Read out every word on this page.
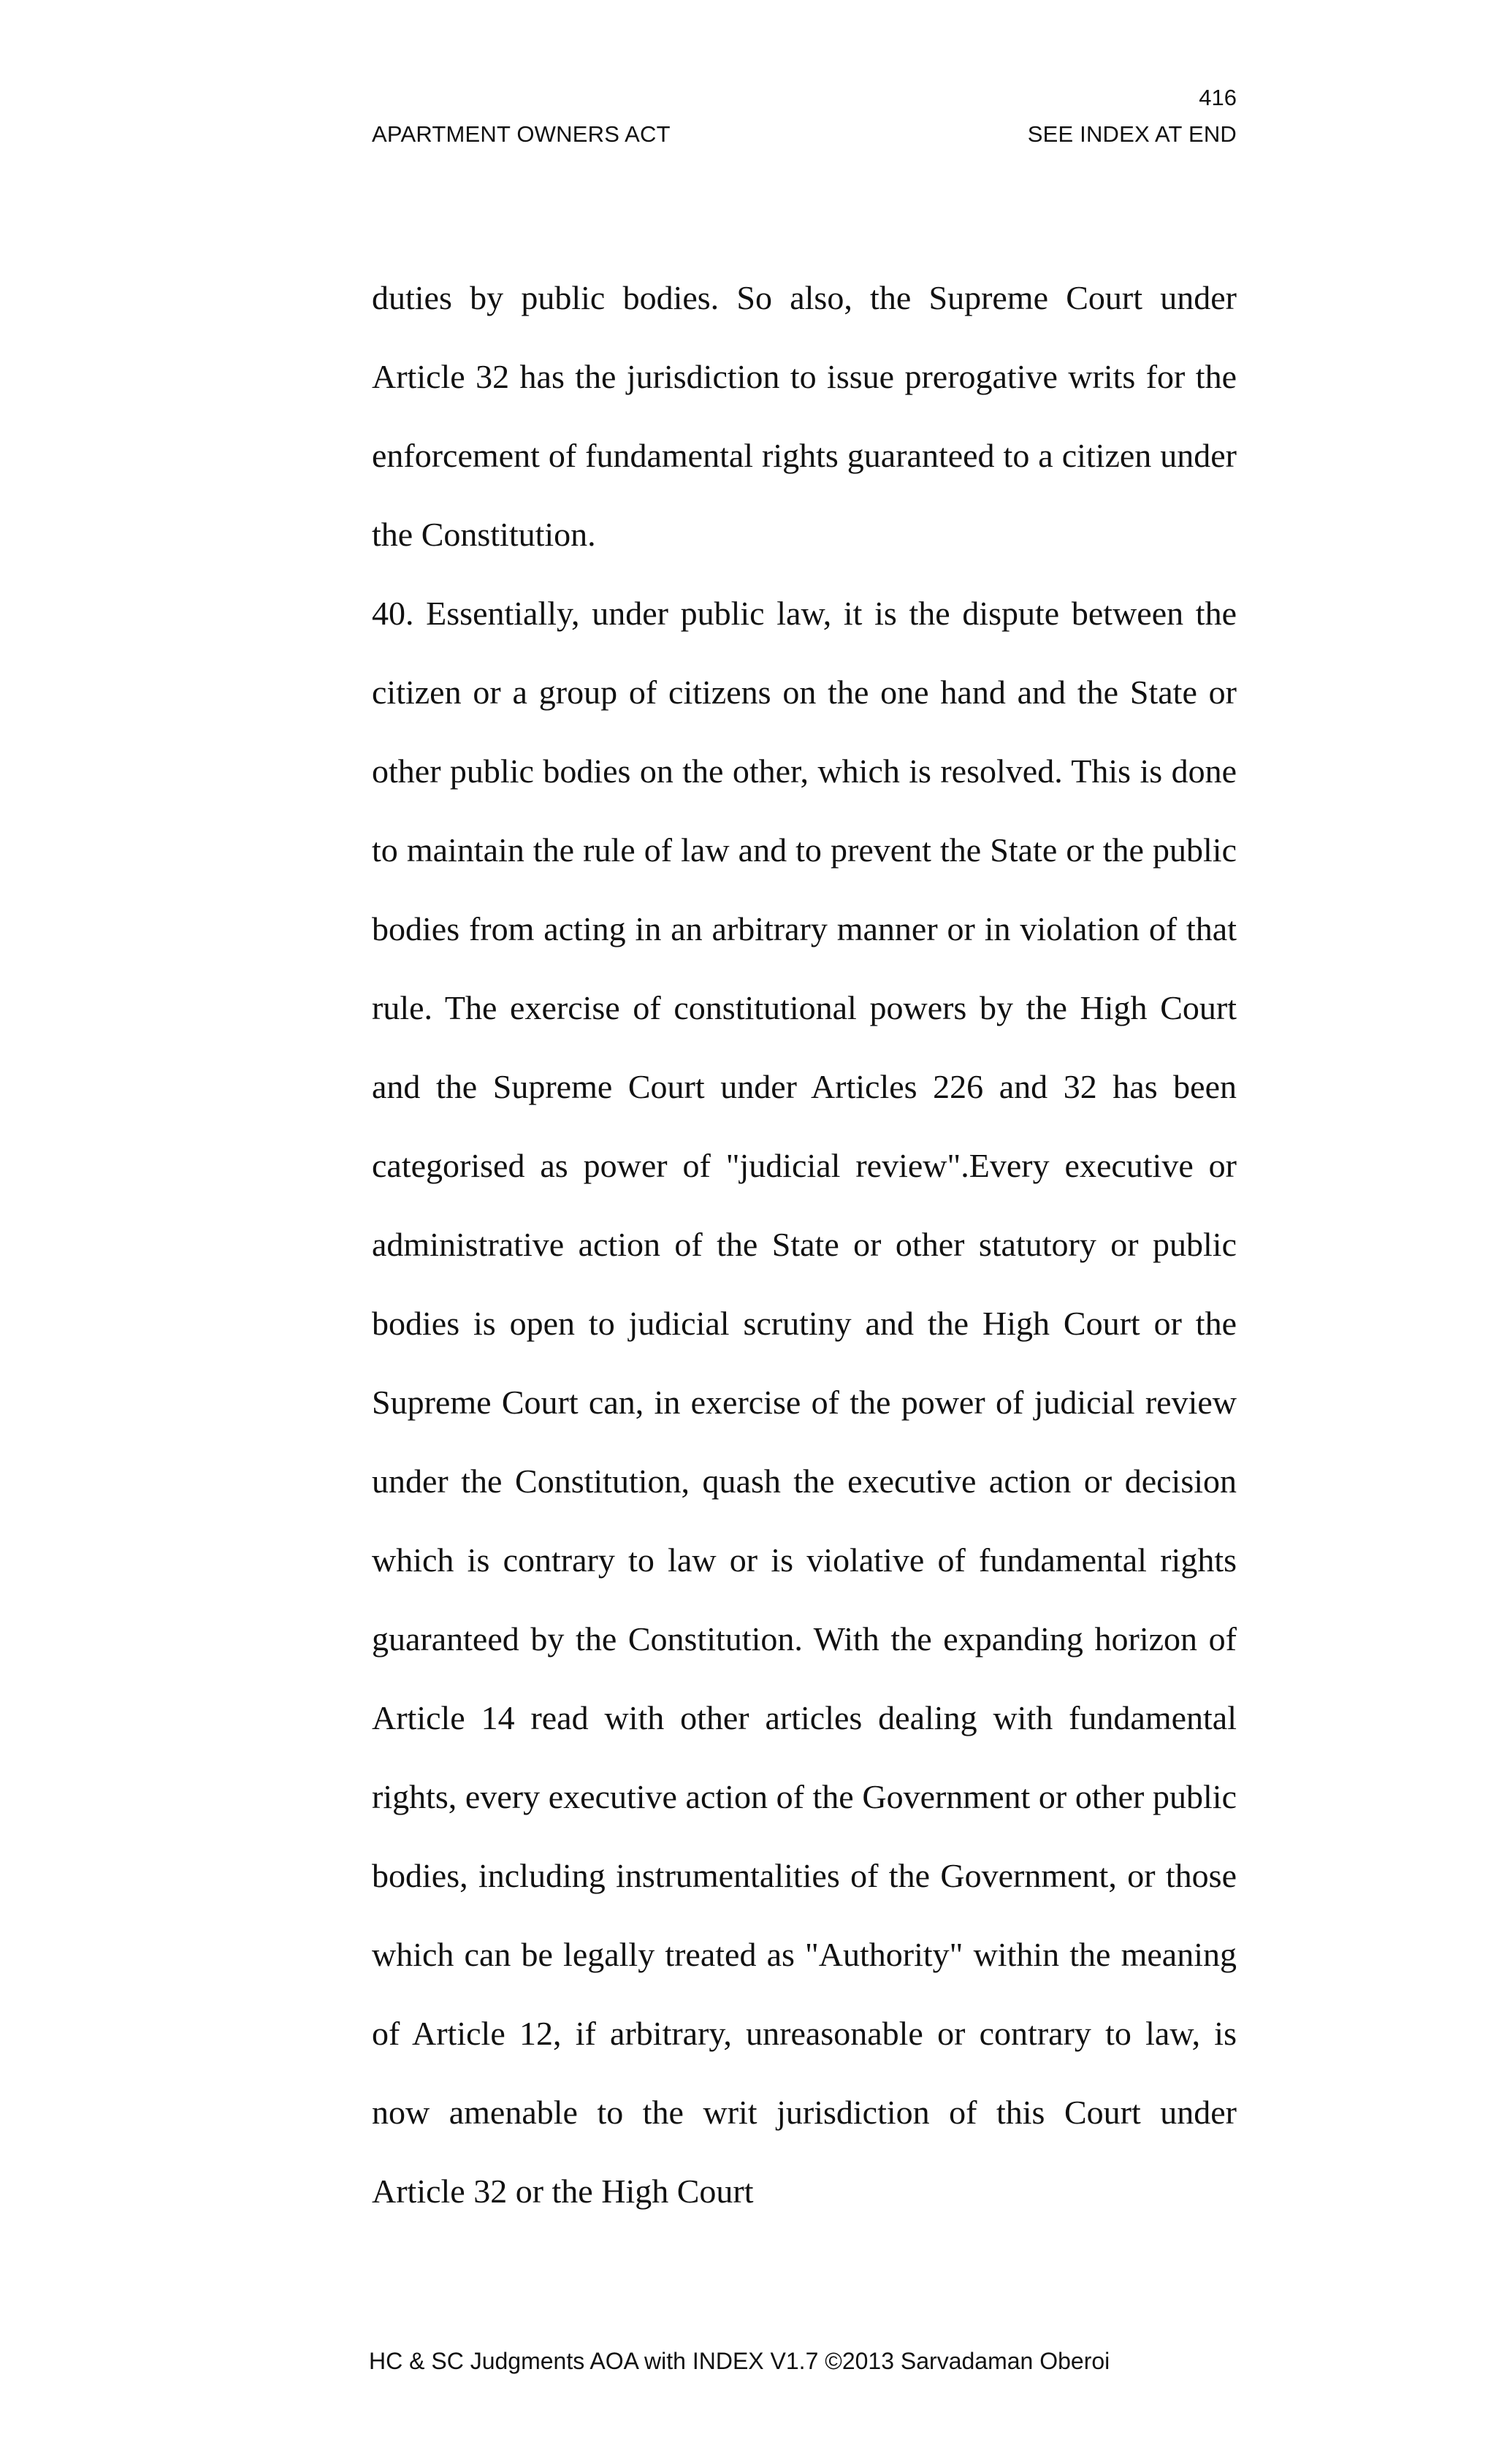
416
APARTMENT OWNERS ACT	SEE INDEX AT END

duties by public bodies. So also, the Supreme Court under Article 32 has the jurisdiction to issue prerogative writs for the enforcement of fundamental rights guaranteed to a citizen under the Constitution.

40. Essentially, under public law, it is the dispute between the citizen or a group of citizens on the one hand and the State or other public bodies on the other, which is resolved. This is done to maintain the rule of law and to prevent the State or the public bodies from acting in an arbitrary manner or in violation of that rule. The exercise of constitutional powers by the High Court and the Supreme Court under Articles 226 and 32 has been categorised as power of "judicial review".Every executive or administrative action of the State or other statutory or public bodies is open to judicial scrutiny and the High Court or the Supreme Court can, in exercise of the power of judicial review under the Constitution, quash the executive action or decision which is contrary to law or is violative of fundamental rights guaranteed by the Constitution. With the expanding horizon of Article 14 read with other articles dealing with fundamental rights, every executive action of the Government or other public bodies, including instrumentalities of the Government, or those which can be legally treated as "Authority" within the meaning of Article 12, if arbitrary, unreasonable or contrary to law, is now amenable to the writ jurisdiction of this Court under Article 32 or the High Court

HC & SC Judgments AOA with INDEX V1.7 ©2013 Sarvadaman Oberoi
